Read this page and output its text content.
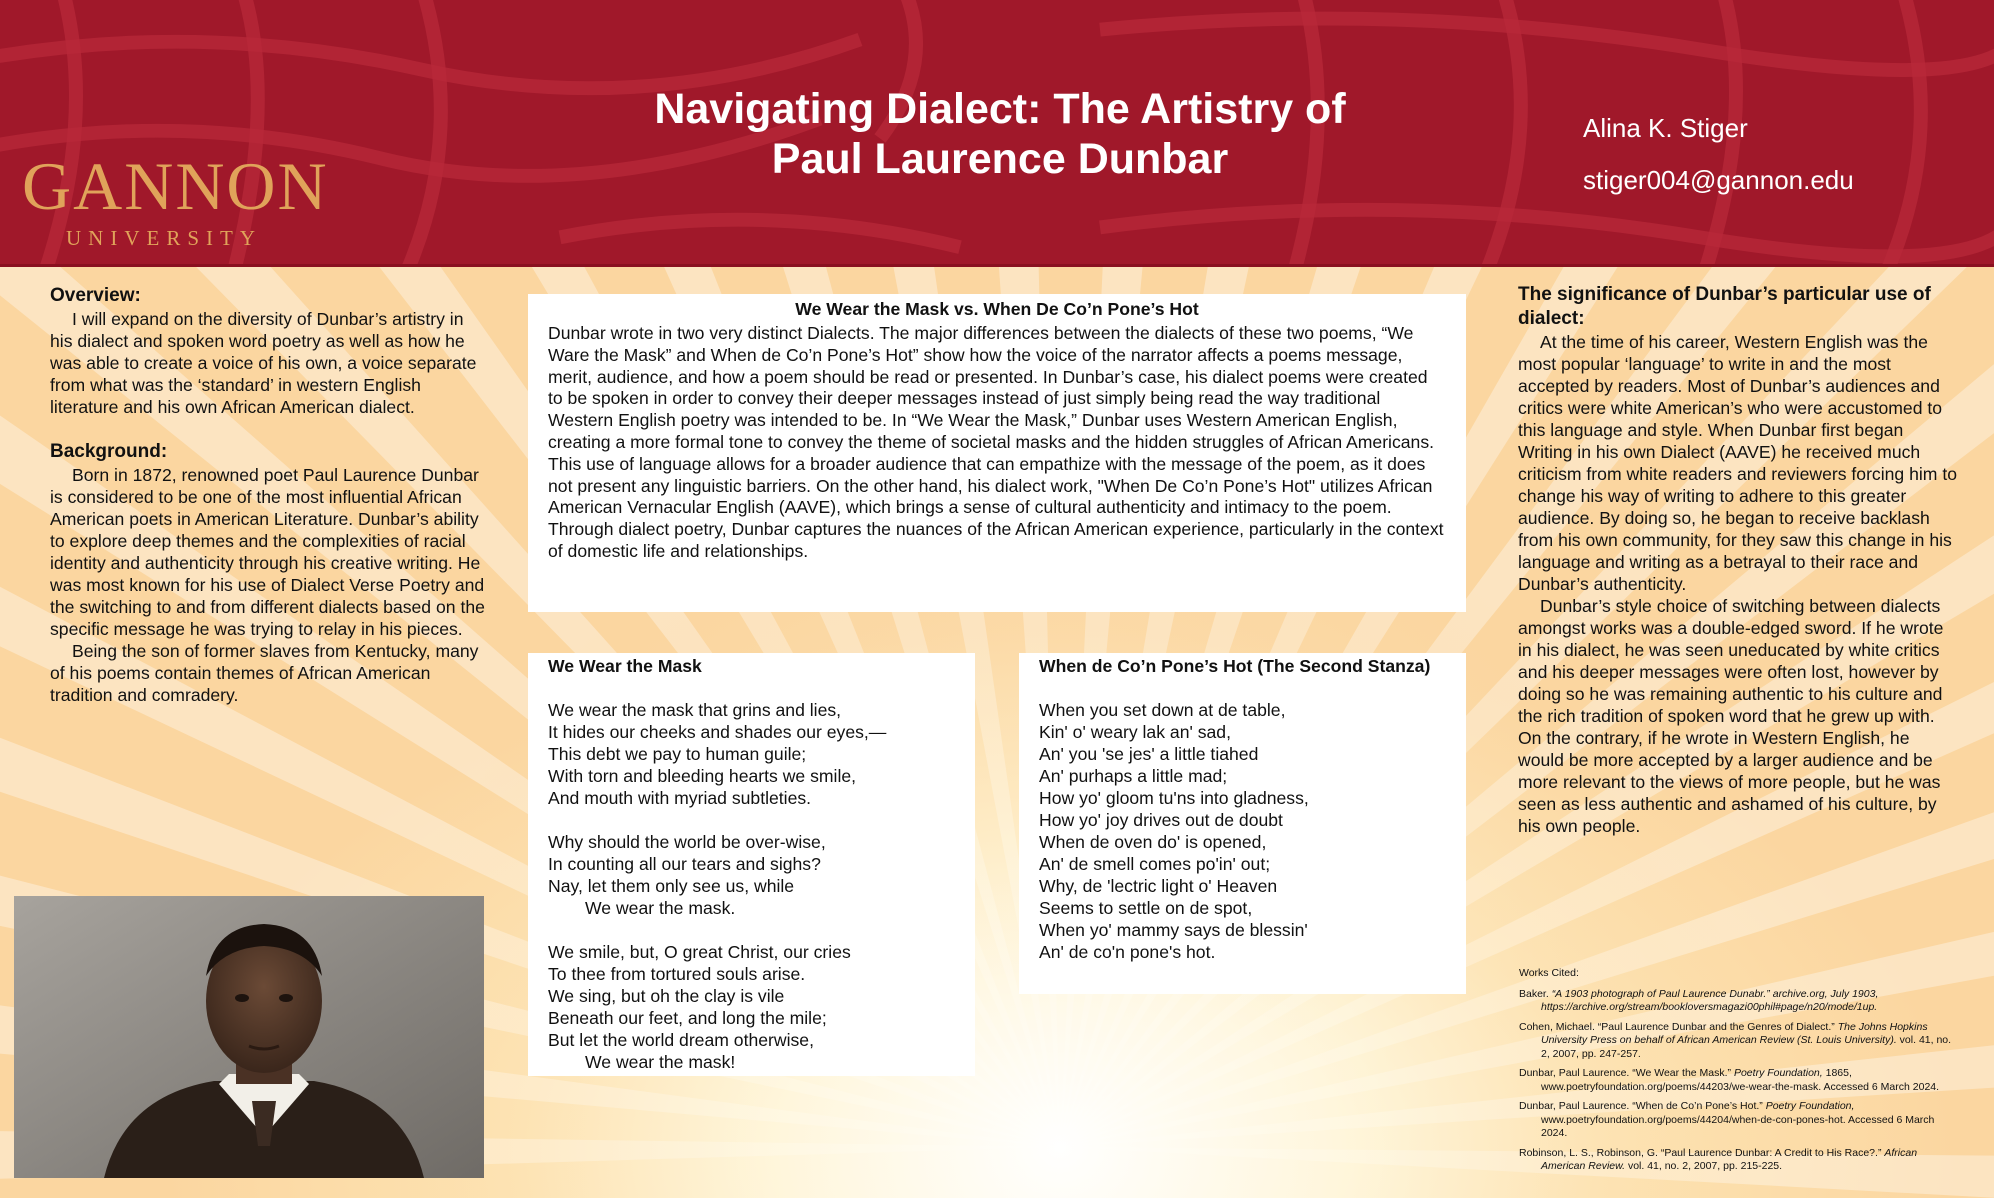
GANNON
UNIVERSITY
Navigating Dialect: The Artistry of
Paul Laurence Dunbar
Alina K. Stiger
stiger004@gannon.edu
Overview:

I will expand on the diversity of Dunbar’s artistry in his dialect and spoken word poetry as well as how he was able to create a voice of his own, a voice separate from what was the ‘standard’ in western English literature and his own African American dialect.

Background:

Born in 1872, renowned poet Paul Laurence Dunbar is considered to be one of the most influential African American poets in American Literature. Dunbar’s ability to explore deep themes and the complexities of racial identity and authenticity through his creative writing. He was most known for his use of Dialect Verse Poetry and the switching to and from different dialects based on the specific message he was trying to relay in his pieces.

Being the son of former slaves from Kentucky, many of his poems contain themes of African American tradition and comradery.

We Wear the Mask vs. When De Co’n Pone’s Hot
Dunbar wrote in two very distinct Dialects. The major differences between the dialects of these two poems, “We Ware the Mask” and When de Co’n Pone’s Hot” show how the voice of the narrator affects a poems message, merit, audience, and how a poem should be read or presented. In Dunbar’s case, his dialect poems were created to be spoken in order to convey their deeper messages instead of just simply being read the way traditional Western English poetry was intended to be. In “We Wear the Mask,” Dunbar uses Western American English, creating a more formal tone to convey the theme of societal masks and the hidden struggles of African Americans. This use of language allows for a broader audience that can empathize with the message of the poem, as it does not present any linguistic barriers. On the other hand, his dialect work, "When De Co’n Pone’s Hot" utilizes African American Vernacular English (AAVE), which brings a sense of cultural authenticity and intimacy to the poem. Through dialect poetry, Dunbar captures the nuances of the African American experience, particularly in the context of domestic life and relationships.
We Wear the Mask
We wear the mask that grins and lies,
It hides our cheeks and shades our eyes,—
This debt we pay to human guile;
With torn and bleeding hearts we smile,
And mouth with myriad subtleties.
Why should the world be over-wise,
In counting all our tears and sighs?
Nay, let them only see us, while
We wear the mask.
We smile, but, O great Christ, our cries
To thee from tortured souls arise.
We sing, but oh the clay is vile
Beneath our feet, and long the mile;
But let the world dream otherwise,
We wear the mask!
When de Co’n Pone’s Hot (The Second Stanza)
When you set down at de table,
Kin' o' weary lak an' sad,
An' you 'se jes' a little tiahed
An' purhaps a little mad;
How yo' gloom tu'ns into gladness,
How yo' joy drives out de doubt
When de oven do' is opened,
An' de smell comes po'in' out;
Why, de 'lectric light o' Heaven
Seems to settle on de spot,
When yo' mammy says de blessin'
An' de co'n pone's hot.
The significance of Dunbar’s particular use of dialect:

At the time of his career, Western English was the most popular ‘language’ to write in and the most accepted by readers. Most of Dunbar’s audiences and critics were white American’s who were accustomed to this language and style. When Dunbar first began Writing in his own Dialect (AAVE) he received much criticism from white readers and reviewers forcing him to change his way of writing to adhere to this greater audience. By doing so, he began to receive backlash from his own community, for they saw this change in his language and writing as a betrayal to their race and Dunbar’s authenticity.

Dunbar’s style choice of switching between dialects amongst works was a double-edged sword. If he wrote in his dialect, he was seen uneducated by white critics and his deeper messages were often lost, however by doing so he was remaining authentic to his culture and the rich tradition of spoken word that he grew up with. On the contrary, if he wrote in Western English, he would be more accepted by a larger audience and be more relevant to the views of more people, but he was seen as less authentic and ashamed of his culture, by his own people.

Works Cited:
Baker. “A 1903 photograph of Paul Laurence Dunabr.” archive.org, July 1903, https://archive.org/stream/bookloversmagazi00phil#page/n20/mode/1up.
Cohen, Michael. “Paul Laurence Dunbar and the Genres of Dialect.” The Johns Hopkins University Press on behalf of African American Review (St. Louis University). vol. 41, no. 2, 2007, pp. 247-257.
Dunbar, Paul Laurence. “We Wear the Mask.” Poetry Foundation, 1865, www.poetryfoundation.org/poems/44203/we-wear-the-mask. Accessed 6 March 2024.
Dunbar, Paul Laurence. “When de Co’n Pone’s Hot.” Poetry Foundation, www.poetryfoundation.org/poems/44204/when-de-con-pones-hot. Accessed 6 March 2024.
Robinson, L. S., Robinson, G. “Paul Laurence Dunbar: A Credit to His Race?.” African American Review. vol. 41, no. 2, 2007, pp. 215-225.
